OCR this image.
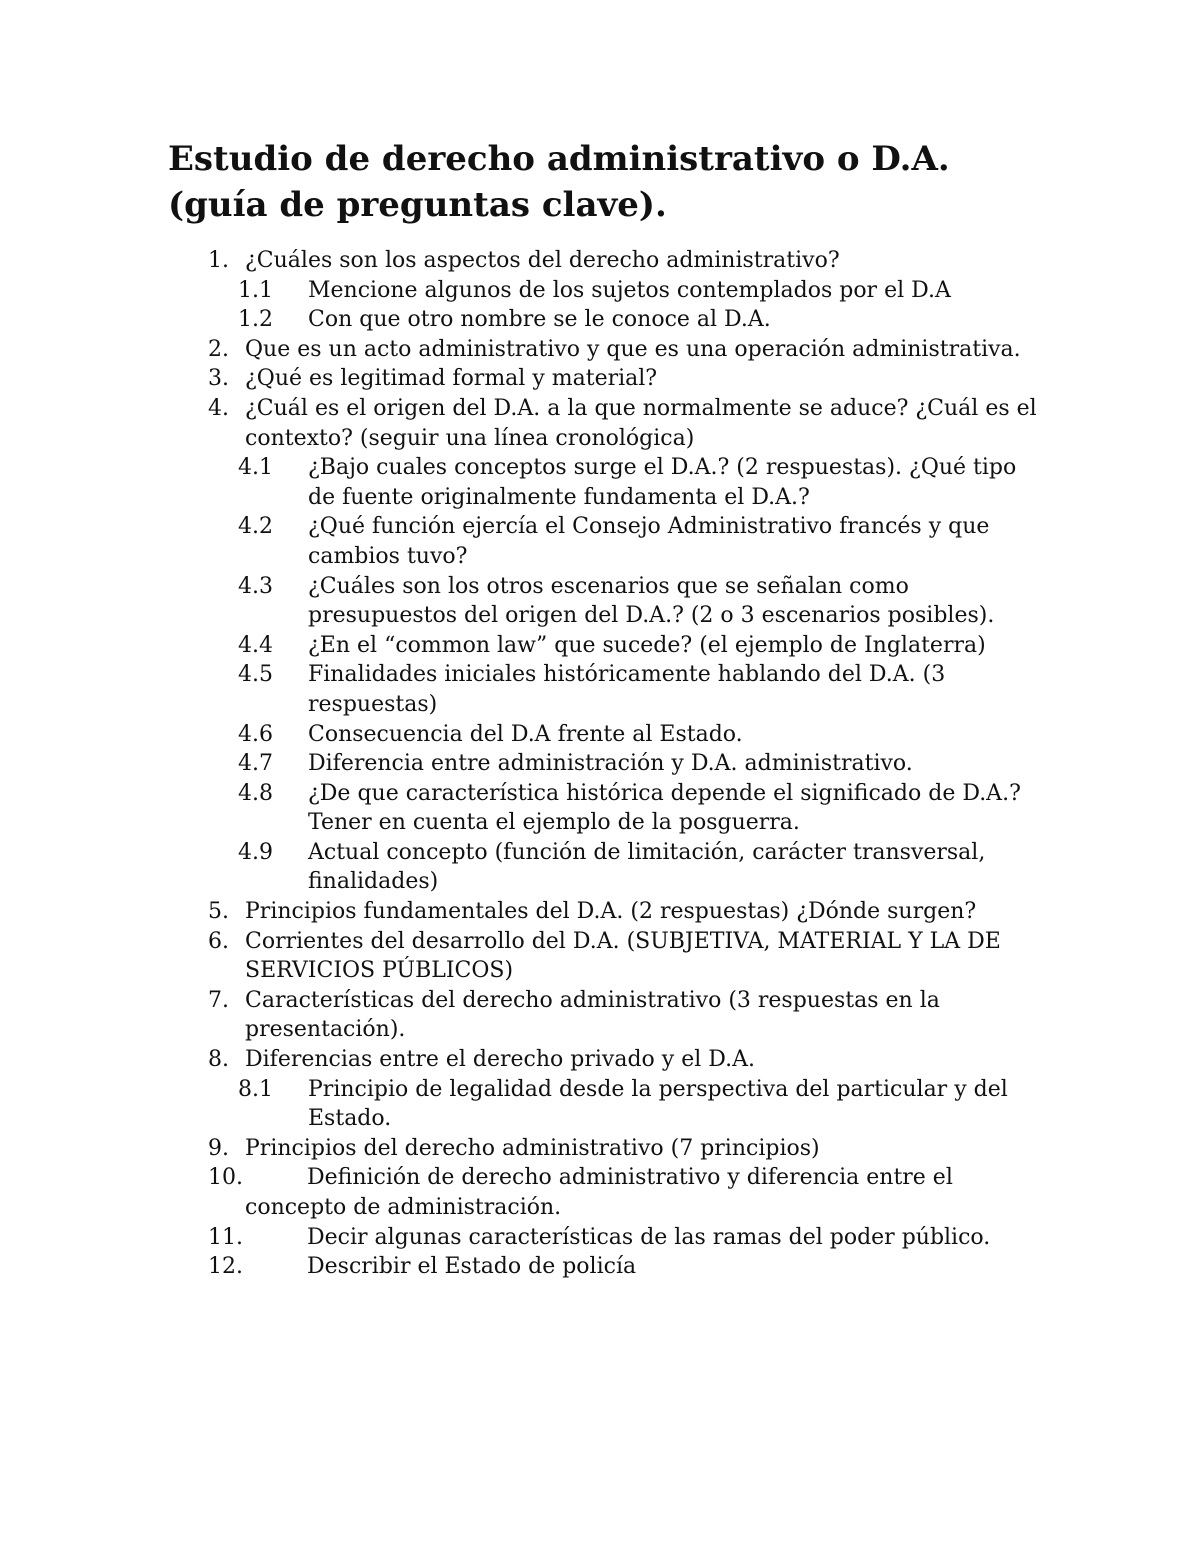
Estudio de derecho administrativo o D.A.
(guía de preguntas clave).
1. ¿Cuáles son los aspectos del derecho administrativo?
1.1 Mencione algunos de los sujetos contemplados por el D.A
1.2 Con que otro nombre se le conoce al D.A.
2. Que es un acto administrativo y que es una operación administrativa.
3. ¿Qué es legitimad formal y material?
4. ¿Cuál es el origen del D.A. a la que normalmente se aduce? ¿Cuál es el contexto? (seguir una línea cronológica)
4.1 ¿Bajo cuales conceptos surge el D.A.? (2 respuestas). ¿Qué tipo de fuente originalmente fundamenta el D.A.?
4.2 ¿Qué función ejercía el Consejo Administrativo francés y que cambios tuvo?
4.3 ¿Cuáles son los otros escenarios que se señalan como presupuestos del origen del D.A.? (2 o 3 escenarios posibles).
4.4 ¿En el “common law” que sucede? (el ejemplo de Inglaterra)
4.5 Finalidades iniciales históricamente hablando del D.A. (3 respuestas)
4.6 Consecuencia del D.A frente al Estado.
4.7 Diferencia entre administración y D.A. administrativo.
4.8 ¿De que característica histórica depende el significado de D.A.? Tener en cuenta el ejemplo de la posguerra.
4.9 Actual concepto (función de limitación, carácter transversal, finalidades)
5. Principios fundamentales del D.A. (2 respuestas) ¿Dónde surgen?
6. Corrientes del desarrollo del D.A. (SUBJETIVA, MATERIAL Y LA DE SERVICIOS PÚBLICOS)
7. Características del derecho administrativo (3 respuestas en la presentación).
8. Diferencias entre el derecho privado y el D.A.
8.1 Principio de legalidad desde la perspectiva del particular y del Estado.
9. Principios del derecho administrativo (7 principios)
10.	Definición de derecho administrativo y diferencia entre el concepto de administración.
11.	Decir algunas características de las ramas del poder público.
12.	Describir el Estado de policía
